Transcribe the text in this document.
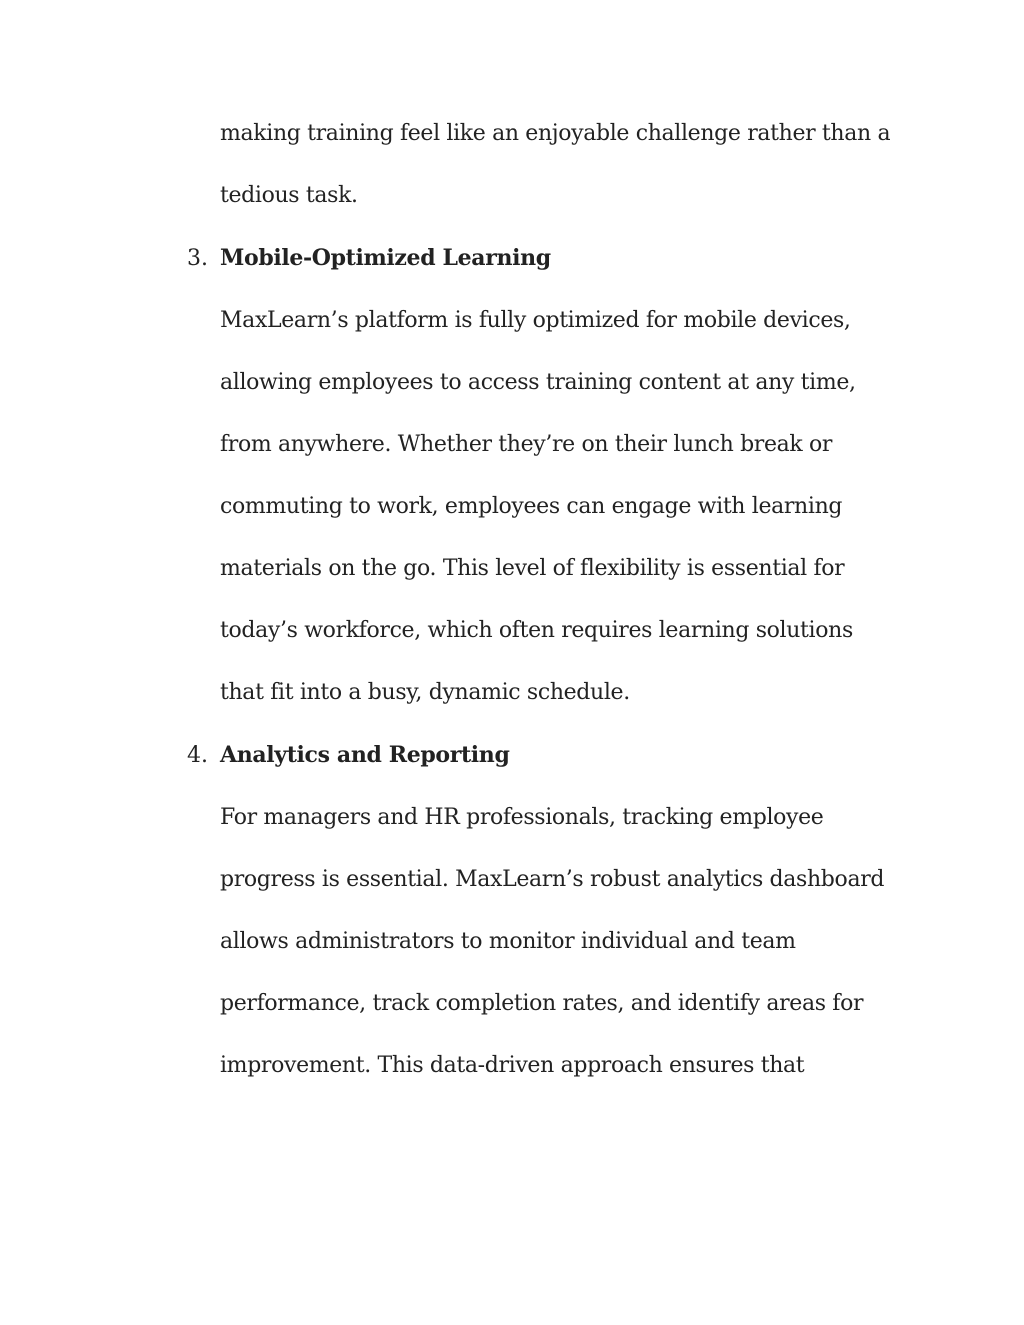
making training feel like an enjoyable challenge rather than a
tedious task.
3. Mobile-Optimized Learning
MaxLearn’s platform is fully optimized for mobile devices,
allowing employees to access training content at any time,
from anywhere. Whether they’re on their lunch break or
commuting to work, employees can engage with learning
materials on the go. This level of flexibility is essential for
today’s workforce, which often requires learning solutions
that fit into a busy, dynamic schedule.
4. Analytics and Reporting
For managers and HR professionals, tracking employee
progress is essential. MaxLearn’s robust analytics dashboard
allows administrators to monitor individual and team
performance, track completion rates, and identify areas for
improvement. This data-driven approach ensures that
